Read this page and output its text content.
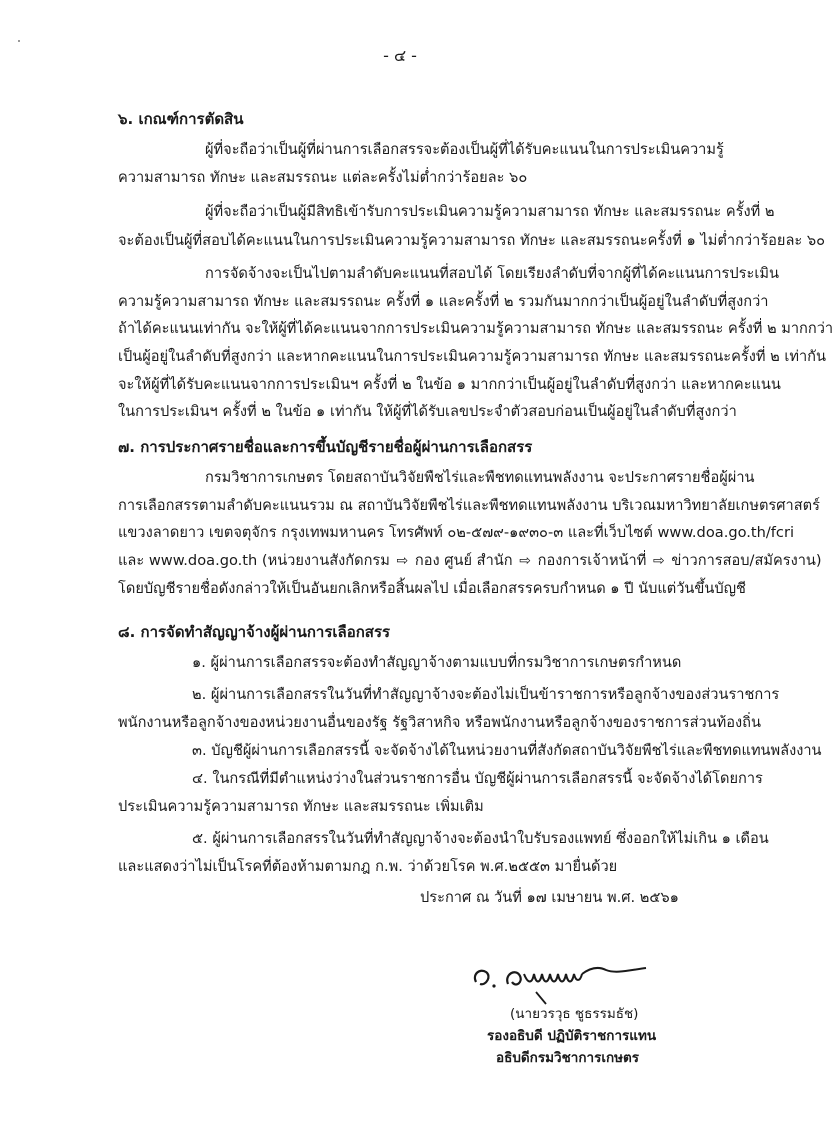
- ๔ -
๖. เกณฑ์การตัดสิน
ผู้ที่จะถือว่าเป็นผู้ที่ผ่านการเลือกสรรจะต้องเป็นผู้ที่ได้รับคะแนนในการประเมินความรู้
ความสามารถ ทักษะ และสมรรถนะ แต่ละครั้งไม่ต่ำกว่าร้อยละ ๖๐
ผู้ที่จะถือว่าเป็นผู้มีสิทธิเข้ารับการประเมินความรู้ความสามารถ ทักษะ และสมรรถนะ ครั้งที่ ๒
จะต้องเป็นผู้ที่สอบได้คะแนนในการประเมินความรู้ความสามารถ ทักษะ และสมรรถนะครั้งที่ ๑ ไม่ต่ำกว่าร้อยละ ๖๐
การจัดจ้างจะเป็นไปตามลำดับคะแนนที่สอบได้ โดยเรียงลำดับที่จากผู้ที่ได้คะแนนการประเมิน
ความรู้ความสามารถ ทักษะ และสมรรถนะ ครั้งที่ ๑ และครั้งที่ ๒ รวมกันมากกว่าเป็นผู้อยู่ในลำดับที่สูงกว่า
ถ้าได้คะแนนเท่ากัน จะให้ผู้ที่ได้คะแนนจากการประเมินความรู้ความสามารถ ทักษะ และสมรรถนะ ครั้งที่ ๒ มากกว่า
เป็นผู้อยู่ในลำดับที่สูงกว่า และหากคะแนนในการประเมินความรู้ความสามารถ ทักษะ และสมรรถนะครั้งที่ ๒ เท่ากัน
จะให้ผู้ที่ได้รับคะแนนจากการประเมินฯ ครั้งที่ ๒ ในข้อ ๑ มากกว่าเป็นผู้อยู่ในลำดับที่สูงกว่า และหากคะแนน
ในการประเมินฯ ครั้งที่ ๒ ในข้อ ๑ เท่ากัน ให้ผู้ที่ได้รับเลขประจำตัวสอบก่อนเป็นผู้อยู่ในลำดับที่สูงกว่า
๗. การประกาศรายชื่อและการขึ้นบัญชีรายชื่อผู้ผ่านการเลือกสรร
กรมวิชาการเกษตร โดยสถาบันวิจัยพืชไร่และพืชทดแทนพลังงาน จะประกาศรายชื่อผู้ผ่าน
การเลือกสรรตามลำดับคะแนนรวม ณ สถาบันวิจัยพืชไร่และพืชทดแทนพลังงาน บริเวณมหาวิทยาลัยเกษตรศาสตร์
แขวงลาดยาว เขตจตุจักร กรุงเทพมหานคร โทรศัพท์ ๐๒-๕๗๙-๑๙๓๐-๓ และที่เว็บไซต์ www.doa.go.th/fcri
และ www.doa.go.th (หน่วยงานสังกัดกรม ⇨ กอง ศูนย์ สำนัก ⇨ กองการเจ้าหน้าที่ ⇨ ข่าวการสอบ/สมัครงาน)
โดยบัญชีรายชื่อดังกล่าวให้เป็นอันยกเลิกหรือสิ้นผลไป เมื่อเลือกสรรครบกำหนด ๑ ปี นับแต่วันขึ้นบัญชี
๘. การจัดทำสัญญาจ้างผู้ผ่านการเลือกสรร
๑. ผู้ผ่านการเลือกสรรจะต้องทำสัญญาจ้างตามแบบที่กรมวิชาการเกษตรกำหนด
๒. ผู้ผ่านการเลือกสรรในวันที่ทำสัญญาจ้างจะต้องไม่เป็นข้าราชการหรือลูกจ้างของส่วนราชการ
พนักงานหรือลูกจ้างของหน่วยงานอื่นของรัฐ รัฐวิสาหกิจ หรือพนักงานหรือลูกจ้างของราชการส่วนท้องถิ่น
๓. บัญชีผู้ผ่านการเลือกสรรนี้ จะจัดจ้างได้ในหน่วยงานที่สังกัดสถาบันวิจัยพืชไร่และพืชทดแทนพลังงาน
๔. ในกรณีที่มีตำแหน่งว่างในส่วนราชการอื่น บัญชีผู้ผ่านการเลือกสรรนี้ จะจัดจ้างได้โดยการ
ประเมินความรู้ความสามารถ ทักษะ และสมรรถนะ เพิ่มเติม
๕. ผู้ผ่านการเลือกสรรในวันที่ทำสัญญาจ้างจะต้องนำใบรับรองแพทย์ ซึ่งออกให้ไม่เกิน ๑ เดือน
และแสดงว่าไม่เป็นโรคที่ต้องห้ามตามกฎ ก.พ. ว่าด้วยโรค พ.ศ.๒๕๕๓ มายื่นด้วย
ประกาศ ณ วันที่ ๑๗ เมษายน พ.ศ. ๒๕๖๑
(นายวรวุธ ชูธรรมธัช)
รองอธิบดี ปฏิบัติราชการแทน
อธิบดีกรมวิชาการเกษตร
